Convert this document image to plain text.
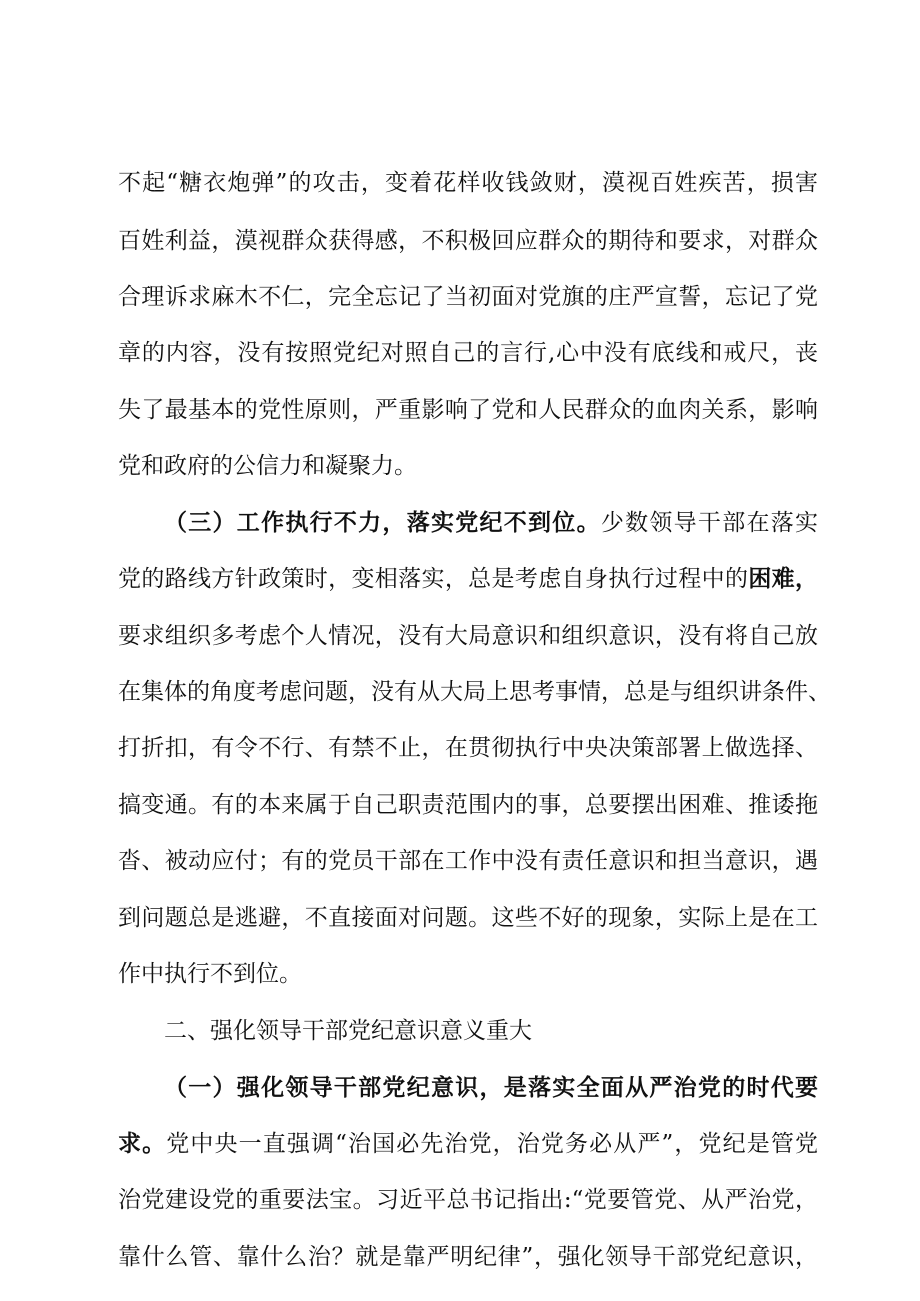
不起“糖衣炮弹”的攻击，变着花样收钱敛财，漠视百姓疾苦，损害
百姓利益，漠视群众获得感，不积极回应群众的期待和要求，对群众
合理诉求麻木不仁，完全忘记了当初面对党旗的庄严宣誓，忘记了党
章的内容，没有按照党纪对照自己的言行,心中没有底线和戒尺，丧
失了最基本的党性原则，严重影响了党和人民群众的血肉关系，影响
党和政府的公信力和凝聚力。
（三）工作执行不力，落实党纪不到位。少数领导干部在落实
党的路线方针政策时，变相落实，总是考虑自身执行过程中的困难，
要求组织多考虑个人情况，没有大局意识和组织意识，没有将自己放
在集体的角度考虑问题，没有从大局上思考事情，总是与组织讲条件、
打折扣，有令不行、有禁不止，在贯彻执行中央决策部署上做选择、
搞变通。有的本来属于自己职责范围内的事，总要摆出困难、推诿拖
沓、被动应付；有的党员干部在工作中没有责任意识和担当意识，遇
到问题总是逃避，不直接面对问题。这些不好的现象，实际上是在工
作中执行不到位。
二、强化领导干部党纪意识意义重大
（一）强化领导干部党纪意识，是落实全面从严治党的时代要
求。党中央一直强调“治国必先治党，治党务必从严”，党纪是管党
治党建设党的重要法宝。习近平总书记指出:“党要管党、从严治党，
靠什么管、靠什么治？就是靠严明纪律”，强化领导干部党纪意识，
